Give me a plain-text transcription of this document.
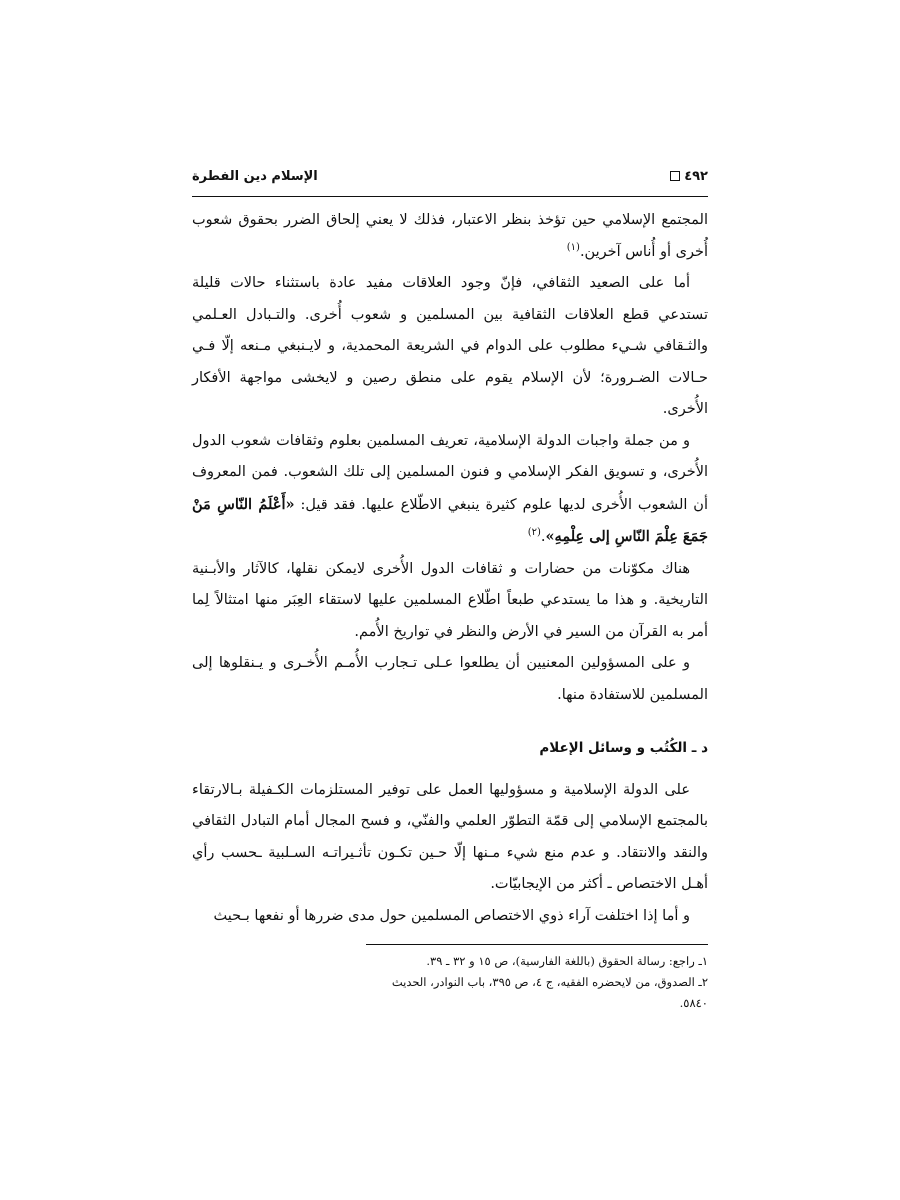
٤٩٢
الإسلام دين الفطرة

المجتمع الإسلامي حين تؤخذ بنظر الاعتبار، فذلك لا يعني إلحاق الضرر بحقوق شعوب أُخرى أو أُناس آخرين.$^{(١)}$

أما على الصعيد الثقافي، فإنّ وجود العلاقات مفيد عادة باستثناء حالات قليلة تستدعي قطع العلاقات الثقافية بين المسلمين و شعوب أُخرى. والتـبادل العـلمي والثـقافي شـيء مطلوب على الدوام في الشريعة المحمدية، و لايـنبغي مـنعه إلّا فـي حـالات الضـرورة؛ لأن الإسلام يقوم على منطق رصين و لايخشى مواجهة الأفكار الأُخرى.

و من جملة واجبات الدولة الإسلامية، تعريف المسلمين بعلوم وثقافات شعوب الدول الأُخرى، و تسويق الفكر الإسلامي و فنون المسلمين إلى تلك الشعوب. فمن المعروف أن الشعوب الأُخرى لديها علوم كثيرة ينبغي الاطّلاع عليها. فقد قيل: «أَعْلَمُ النّاسِ مَنْ جَمَعَ عِلْمَ النّاسِ إلى عِلْمِهِ».$^{(٢)}$

هناك مكوّنات من حضارات و ثقافات الدول الأُخرى لايمكن نقلها، كالآثار والأبـنية التاريخية. و هذا ما يستدعي طبعاً اطّلاع المسلمين عليها لاستقاء العِبَر منها امتثالاً لِما أمر به القرآن من السير في الأرض والنظر في تواريخ الأُمم.

و على المسؤولين المعنيين أن يطلعوا عـلى تـجارب الأُمـم الأُخـرى و يـنقلوها إلى المسلمين للاستفادة منها.

د ـ الكُتُب و وسائل الإعلام

على الدولة الإسلامية و مسؤوليها العمل على توفير المستلزمات الكـفيلة بـالارتقاء بالمجتمع الإسلامي إلى قمّة التطوّر العلمي والفنّي، و فسح المجال أمام التبادل الثقافي والنقد والانتقاد. و عدم منع شيء مـنها إلّا حـين تكـون تأثـيراتـه السـلبية ـحسب رأي أهـل الاختصاص ـ أكثر من الإيجابيّات.

و أما إذا اختلفت آراء ذوي الاختصاص المسلمين حول مدى ضررها أو نفعها بـحيث

١ـ راجع: رسالة الحقوق (باللغة الفارسية)، ص ١٥ و ٣٢ ـ ٣٩.
٢ـ الصدوق، من لايحضره الفقيه، ج ٤، ص ٣٩٥، باب النوادر، الحديث ٥٨٤٠.
